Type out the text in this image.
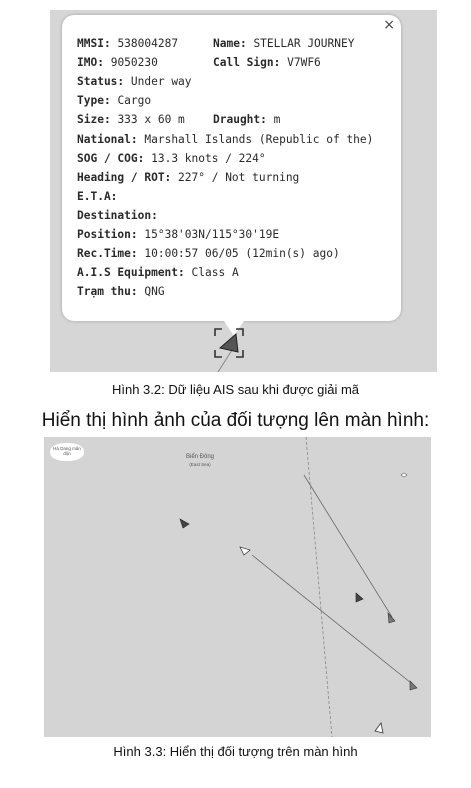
×
MMSI: 538004287	Name: STELLAR JOURNEY
IMO: 9050230	Call Sign: V7WF6
Status: Under way
Type: Cargo
Size: 333 x 60 m	Draught: m
National: Marshall Islands (Republic of the)
SOG / COG: 13.3 knots / 224°
Heading / ROT: 227° / Not turning
E.T.A:
Destination:
Position: 15°38'03N/115°30'19E
Rec.Time: 10:00:57 06/05 (12min(s) ago)
A.I.S Equipment: Class A
Trạm thu: QNG
Hình 3.2: Dữ liệu AIS sau khi được giải mã
Hiển thị hình ảnh của đối tượng lên màn hình:
Hà Dang mân độn
Biển Đông
(East Sea)
Hình 3.3: Hiển thị đối tượng trên màn hình
